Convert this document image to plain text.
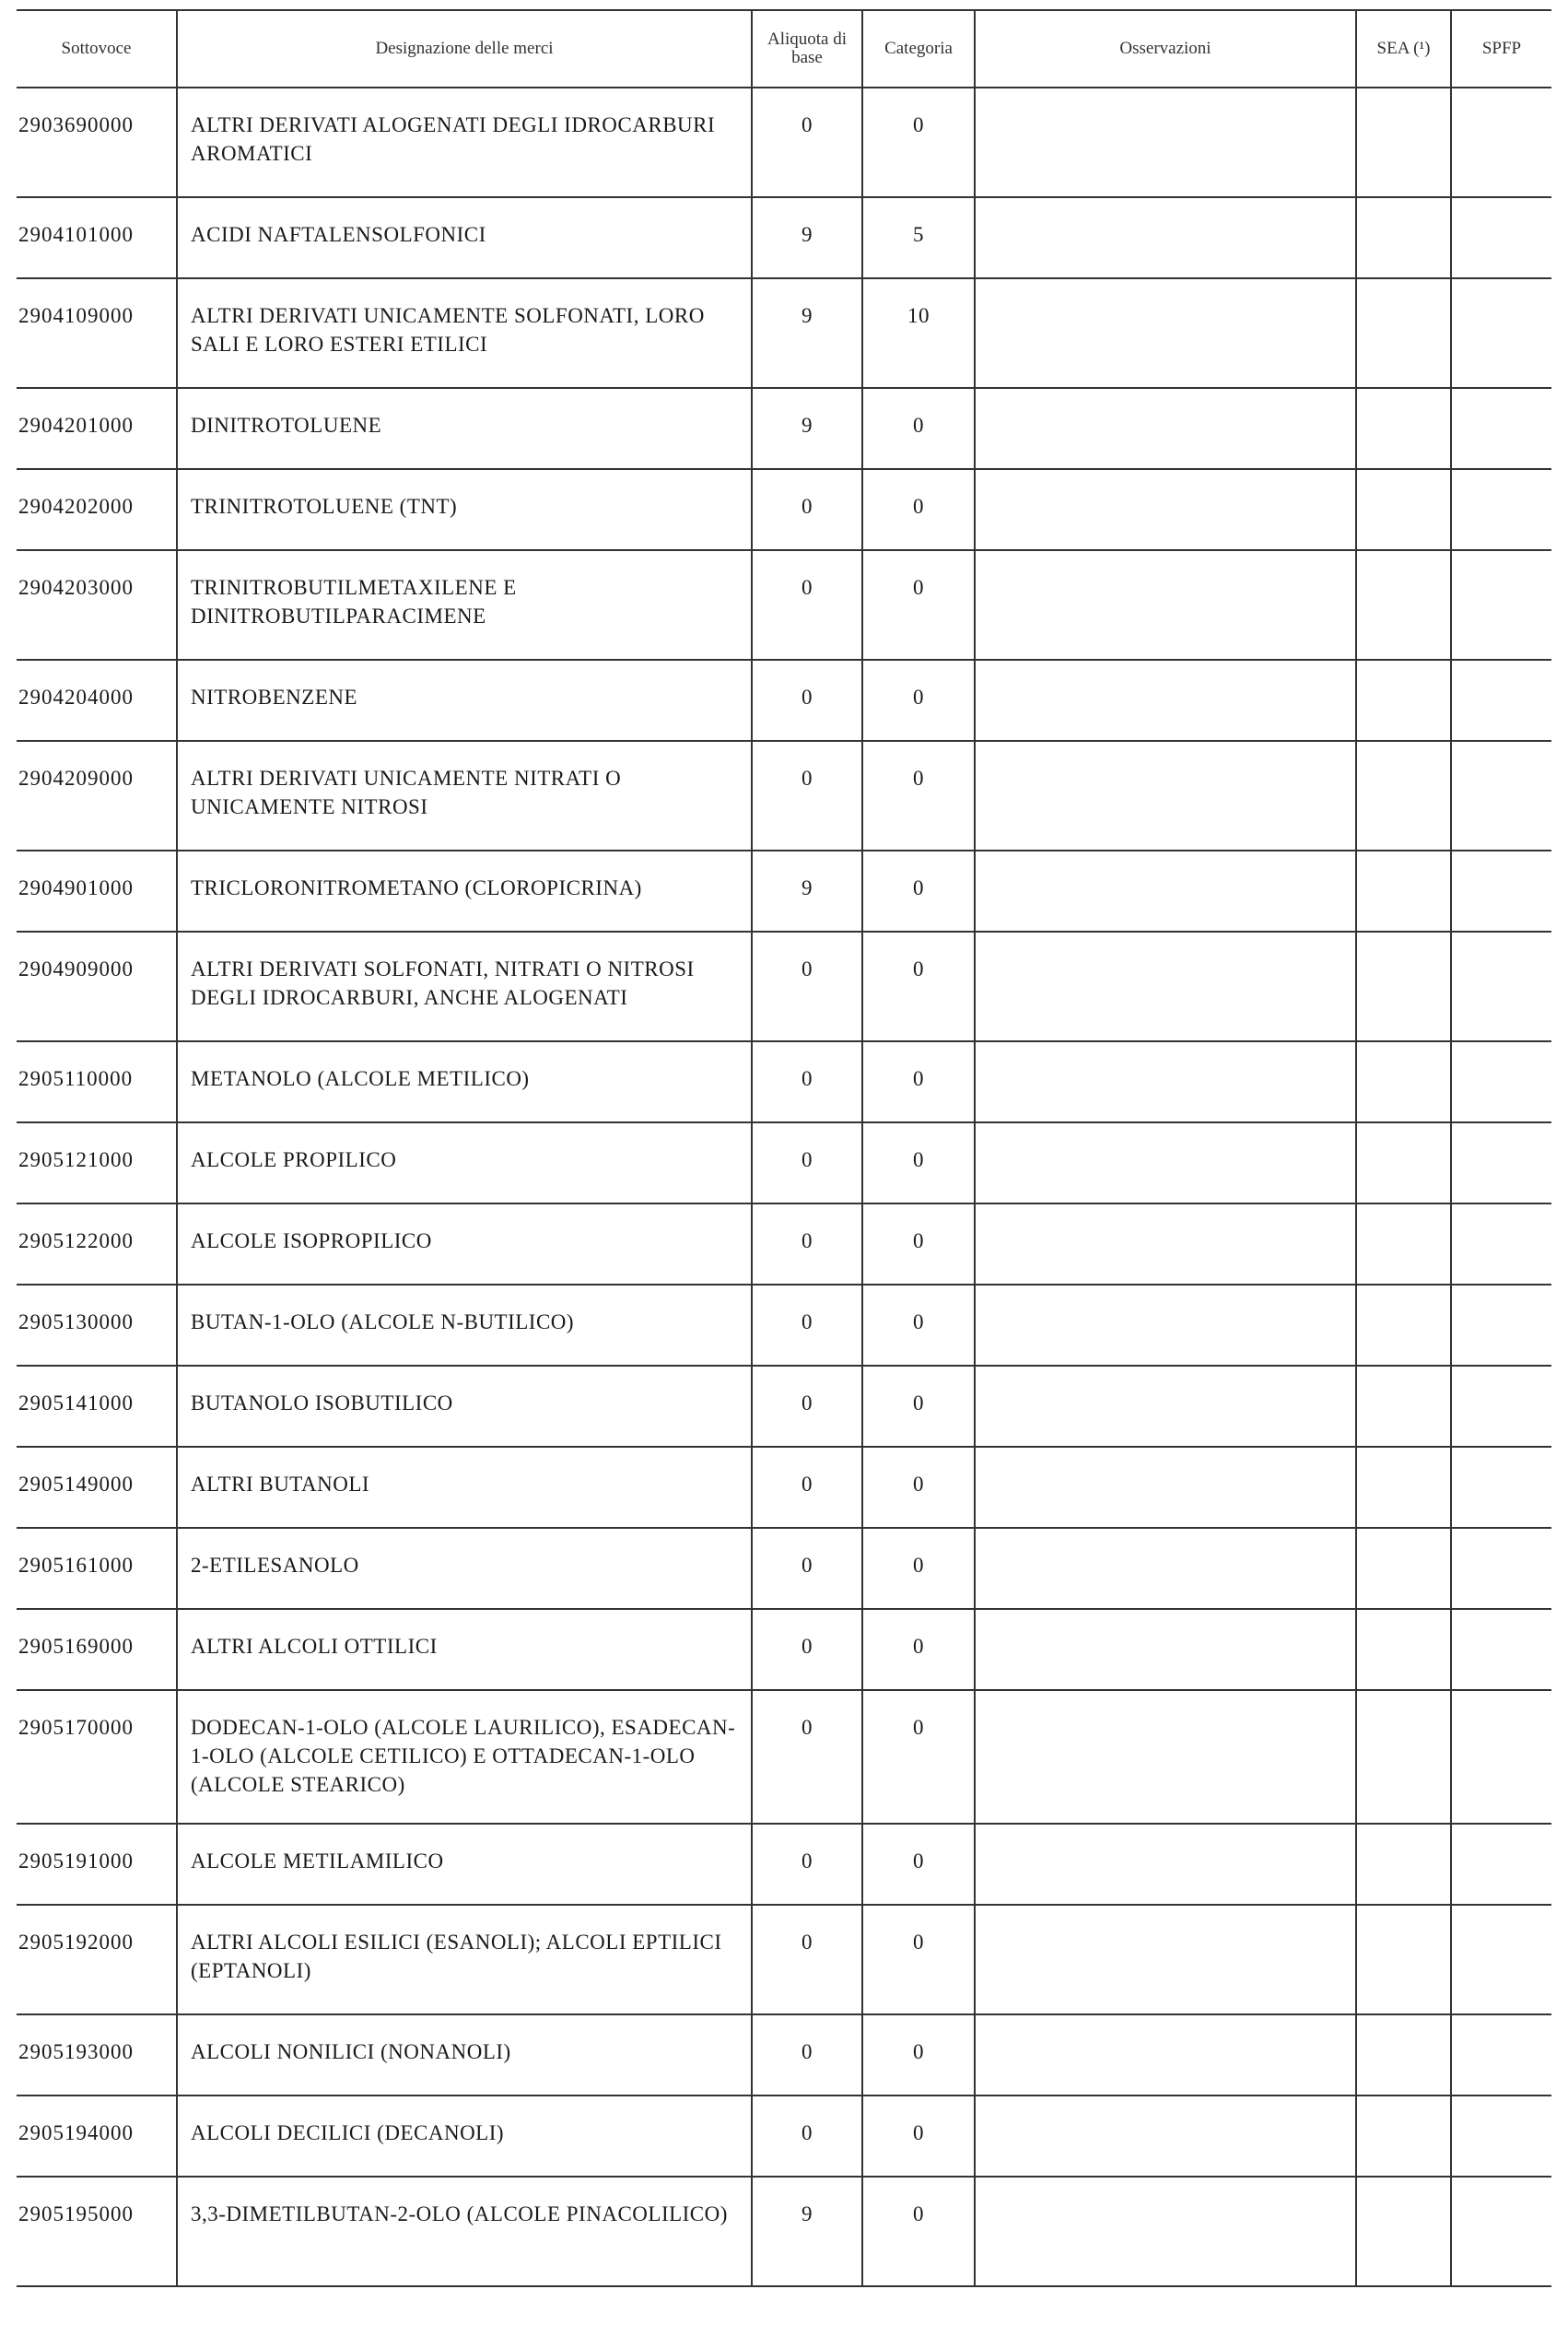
Sottovoce	Designazione delle merci	Aliquota di base	Categoria	Osservazioni	SEA (¹)	SPFP
2903690000	ALTRI DERIVATI ALOGENATI DEGLI IDROCARBURI AROMATICI	0	0			
2904101000	ACIDI NAFTALENSOLFONICI	9	5			
2904109000	ALTRI DERIVATI UNICAMENTE SOLFONATI, LORO SALI E LORO ESTERI ETILICI	9	10			
2904201000	DINITROTOLUENE	9	0			
2904202000	TRINITROTOLUENE (TNT)	0	0			
2904203000	TRINITROBUTILMETAXILENE E DINITROBUTILPARACIMENE	0	0			
2904204000	NITROBENZENE	0	0			
2904209000	ALTRI DERIVATI UNICAMENTE NITRATI O UNICAMENTE NITROSI	0	0			
2904901000	TRICLORONITROMETANO (CLOROPICRINA)	9	0			
2904909000	ALTRI DERIVATI SOLFONATI, NITRATI O NITROSI DEGLI IDROCARBURI, ANCHE ALOGENATI	0	0			
2905110000	METANOLO (ALCOLE METILICO)	0	0			
2905121000	ALCOLE PROPILICO	0	0			
2905122000	ALCOLE ISOPROPILICO	0	0			
2905130000	BUTAN-1-OLO (ALCOLE N-BUTILICO)	0	0			
2905141000	BUTANOLO ISOBUTILICO	0	0			
2905149000	ALTRI BUTANOLI	0	0			
2905161000	2-ETILESANOLO	0	0			
2905169000	ALTRI ALCOLI OTTILICI	0	0			
2905170000	DODECAN-1-OLO (ALCOLE LAURILICO), ESADECAN-1-OLO (ALCOLE CETILICO) E OTTADECAN-1-OLO (ALCOLE STEARICO)	0	0			
2905191000	ALCOLE METILAMILICO	0	0			
2905192000	ALTRI ALCOLI ESILICI (ESANOLI); ALCOLI EPTILICI (EPTANOLI)	0	0			
2905193000	ALCOLI NONILICI (NONANOLI)	0	0			
2905194000	ALCOLI DECILICI (DECANOLI)	0	0			
2905195000	3,3-DIMETILBUTAN-2-OLO (ALCOLE PINACOLILICO)	9	0			
